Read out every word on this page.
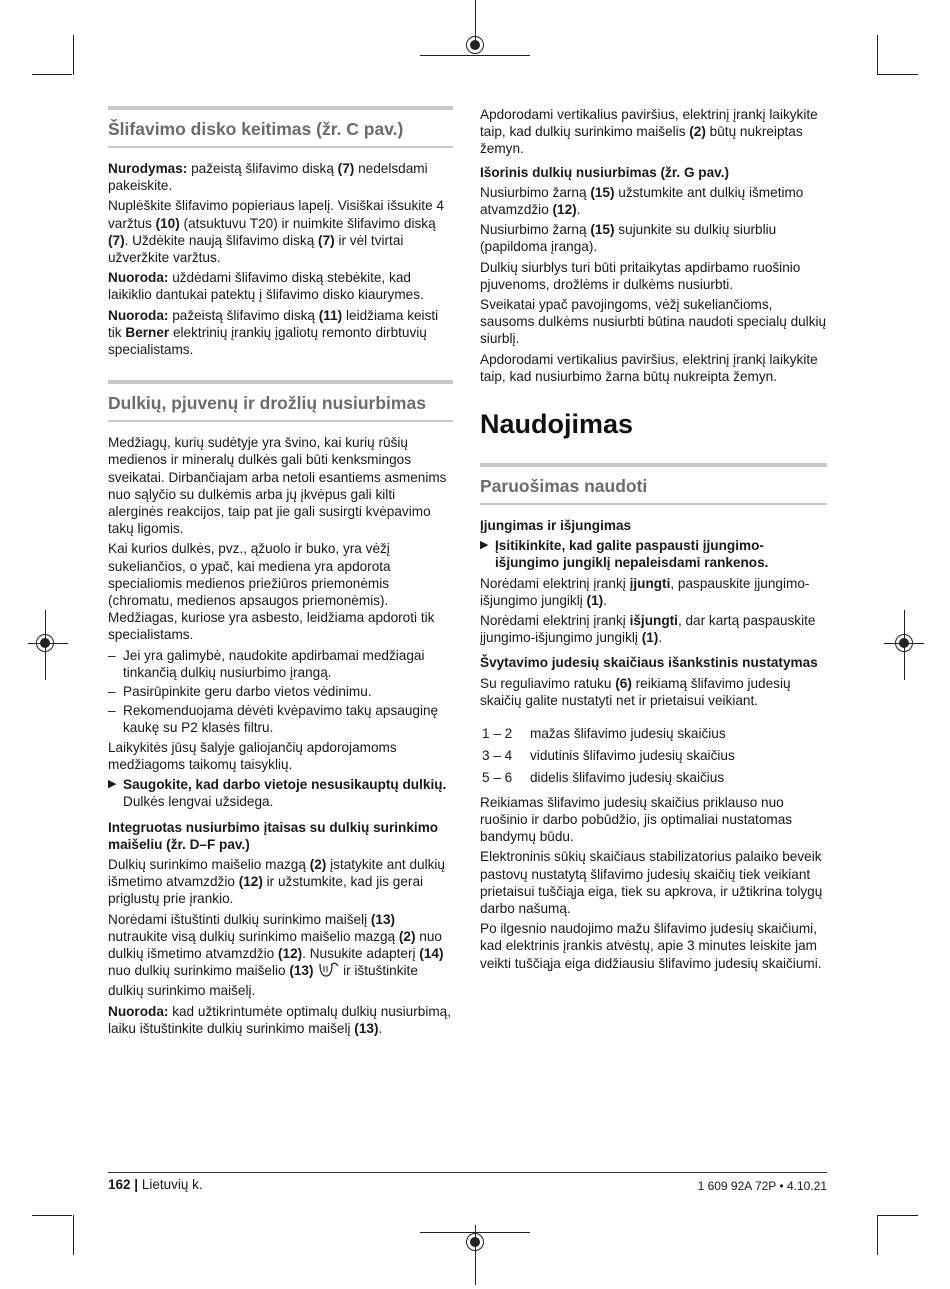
Šlifavimo disko keitimas (žr. C pav.)

Nurodymas: pažeistą šlifavimo diską (7) nedelsdami pakeiskite.

Nuplėškite šlifavimo popieriaus lapelį. Visiškai išsukite 4 varžtus (10) (atsuktuvu T20) ir nuimkite šlifavimo diską (7). Uždėkite naują šlifavimo diską (7) ir vėl tvirtai užveržkite varžtus.

Nuoroda: uždėdami šlifavimo diską stebėkite, kad laikiklio dantukai patektų į šlifavimo disko kiaurymes.

Nuoroda: pažeistą šlifavimo diską (11) leidžiama keisti tik Berner elektrinių įrankių įgaliotų remonto dirbtuvių specialistams.

Dulkių, pjuvenų ir drožlių nusiurbimas

Medžiagų, kurių sudėtyje yra švino, kai kurių rūšių medienos ir mineralų dulkės gali būti kenksmingos sveikatai. Dirbančiajam arba netoli esantiems asmenims nuo sąlyčio su dulkėmis arba jų įkvėpus gali kilti alerginės reakcijos, taip pat jie gali susirgti kvėpavimo takų ligomis.

Kai kurios dulkės, pvz., ąžuolo ir buko, yra vėžį sukeliančios, o ypač, kai mediena yra apdorota specialiomis medienos priežiūros priemonėmis (chromatu, medienos apsaugos priemonėmis). Medžiagas, kuriose yra asbesto, leidžiama apdoroti tik specialistams.

– Jei yra galimybė, naudokite apdirbamai medžiagai tinkančią dulkių nusiurbimo įrangą.
– Pasirūpinkite geru darbo vietos vėdinimu.
– Rekomenduojama dėvėti kvėpavimo takų apsauginę kaukę su P2 klasės filtru.

Laikykitės jūsų šalyje galiojančių apdorojamoms medžiagoms taikomų taisyklių.

▶ Saugokite, kad darbo vietoje nesusikauptų dulkių. Dulkės lengvai užsidega.

Integruotas nusiurbimo įtaisas su dulkių surinkimo maišeliu (žr. D–F pav.)

Dulkių surinkimo maišelio mazgą (2) įstatykite ant dulkių išmetimo atvamzdžio (12) ir užstumkite, kad jis gerai priglustų prie įrankio.

Norėdami ištuštinti dulkių surinkimo maišelį (13) nutraukite visą dulkių surinkimo maišelio mazgą (2) nuo dulkių išmetimo atvamzdžio (12). Nusukite adapterį (14) nuo dulkių surinkimo maišelio (13)  ir ištuštinkite dulkių surinkimo maišelį.

Nuoroda: kad užtikrintumėte optimalų dulkių nusiurbimą, laiku ištuštinkite dulkių surinkimo maišelį (13).

Apdorodami vertikalius paviršius, elektrinį įrankį laikykite taip, kad dulkių surinkimo maišelis (2) būtų nukreiptas žemyn.

Išorinis dulkių nusiurbimas (žr. G pav.)

Nusiurbimo žarną (15) užstumkite ant dulkių išmetimo atvamzdžio (12).

Nusiurbimo žarną (15) sujunkite su dulkių siurbliu (papildoma įranga).

Dulkių siurblys turi būti pritaikytas apdirbamo ruošinio pjuvenoms, drožlėms ir dulkėms nusiurbti.

Sveikatai ypač pavojingoms, vėžį sukeliančioms, sausoms dulkėms nusiurbti būtina naudoti specialų dulkių siurblį.

Apdorodami vertikalius paviršius, elektrinį įrankį laikykite taip, kad nusiurbimo žarna būtų nukreipta žemyn.

Naudojimas
Paruošimas naudoti

Įjungimas ir išjungimas

▶ Įsitikinkite, kad galite paspausti įjungimo-išjungimo jungiklį nepaleisdami rankenos.

Norėdami elektrinį įrankį įjungti, paspauskite įjungimo-išjungimo jungiklį (1).

Norėdami elektrinį įrankį išjungti, dar kartą paspauskite įjungimo-išjungimo jungiklį (1).

Švytavimo judesių skaičiaus išankstinis nustatymas

Su reguliavimo ratuku (6) reikiamą šlifavimo judesių skaičių galite nustatyti net ir prietaisui veikiant.

1 – 2	mažas šlifavimo judesių skaičius
3 – 4	vidutinis šlifavimo judesių skaičius
5 – 6	didelis šlifavimo judesių skaičius

Reikiamas šlifavimo judesių skaičius priklauso nuo ruošinio ir darbo pobūdžio, jis optimaliai nustatomas bandymų būdu.

Elektroninis sūkių skaičiaus stabilizatorius palaiko beveik pastovų nustatytą šlifavimo judesių skaičių tiek veikiant prietaisui tuščiąja eiga, tiek su apkrova, ir užtikrina tolygų darbo našumą.

Po ilgesnio naudojimo mažu šlifavimo judesių skaičiumi, kad elektrinis įrankis atvėstų, apie 3 minutes leiskite jam veikti tuščiąja eiga didžiausiu šlifavimo judesių skaičiumi.

162 | Lietuvių k.	1 609 92A 72P • 4.10.21
